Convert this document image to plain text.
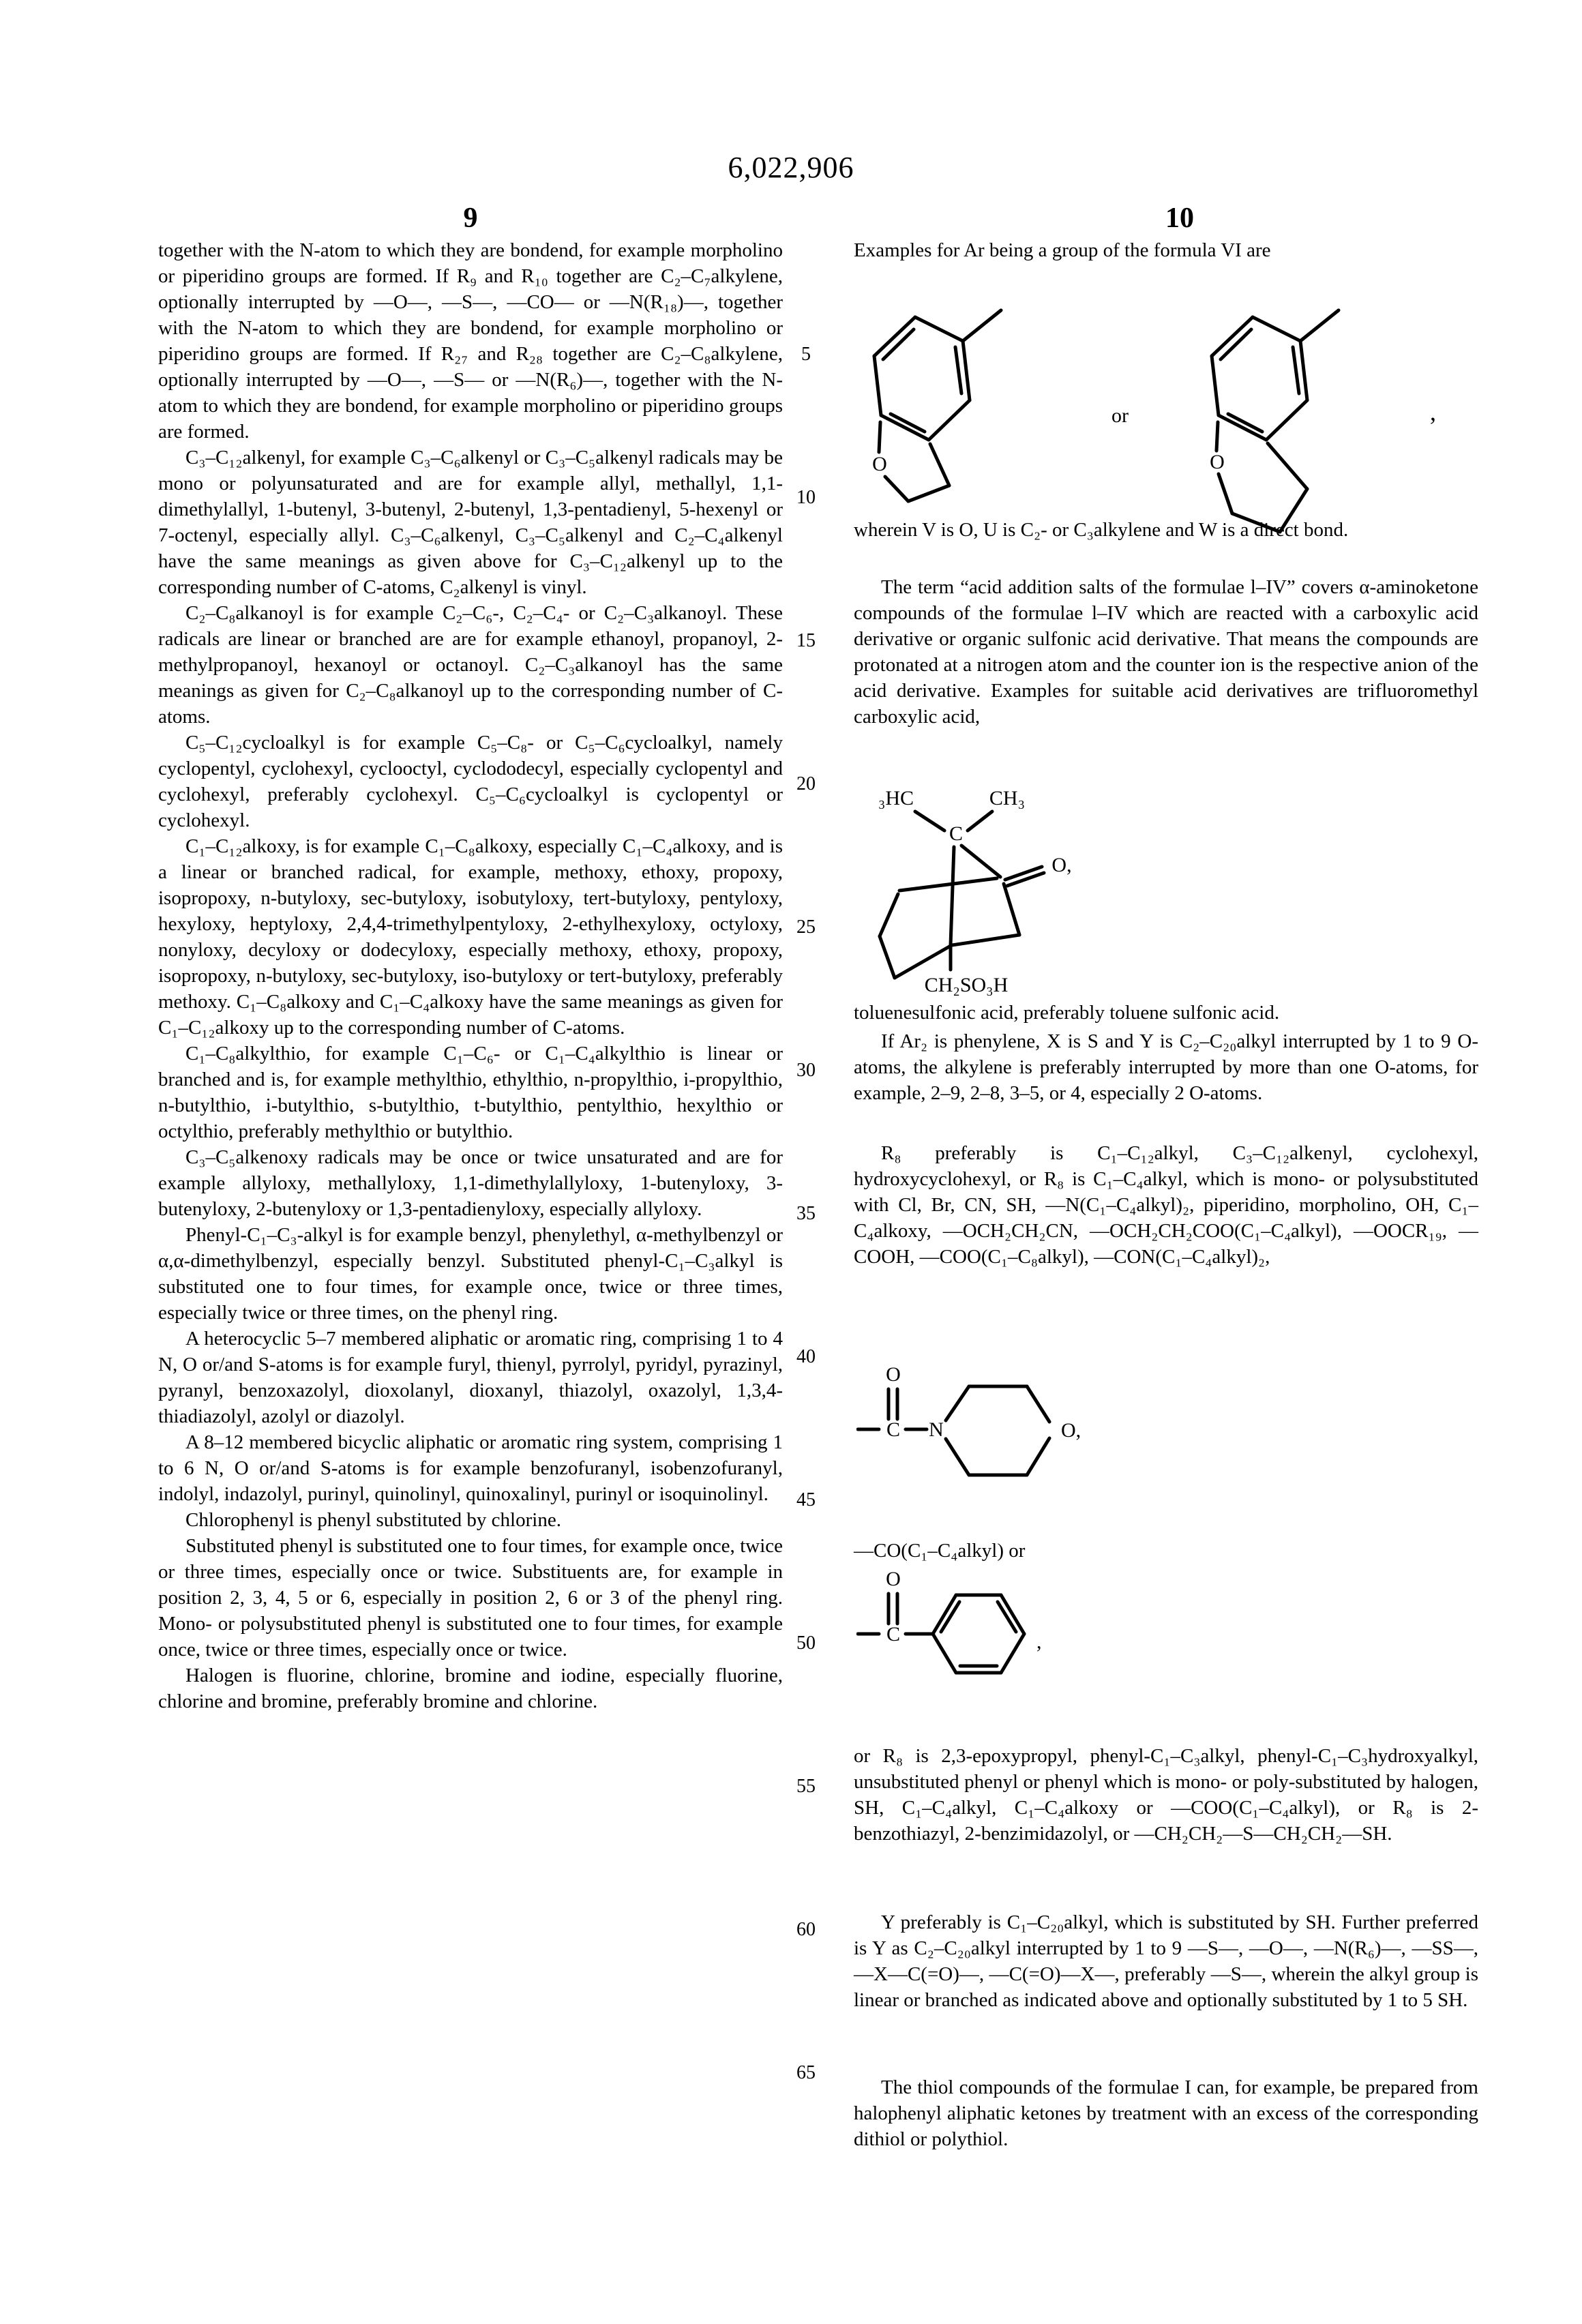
6,022,906
9	10
5
10
15
20
25
30
35
40
45
50
55
60
65

together with the N-atom to which they are bondend, for example morpholino or piperidino groups are formed. If R₉ and R₁₀ together are C₂–C₇alkylene, optionally interrupted by —O—, —S—, —CO— or —N(R₁₈)—, together with the N-atom to which they are bondend, for example morpholino or piperidino groups are formed. If R₂₇ and R₂₈ together are C₂–C₈alkylene, optionally interrupted by —O—, —S— or —N(R₆)—, together with the N-atom to which they are bondend, for example morpholino or piperidino groups are formed.

C₃–C₁₂alkenyl, for example C₃–C₆alkenyl or C₃–C₅alkenyl radicals may be mono or polyunsaturated and are for example allyl, methallyl, 1,1-dimethylallyl, 1-butenyl, 3-butenyl, 2-butenyl, 1,3-pentadienyl, 5-hexenyl or 7-octenyl, especially allyl. C₃–C₆alkenyl, C₃–C₅alkenyl and C₂–C₄alkenyl have the same meanings as given above for C₃–C₁₂alkenyl up to the corresponding number of C-atoms, C₂alkenyl is vinyl.

C₂–C₈alkanoyl is for example C₂–C₆-, C₂–C₄- or C₂–C₃alkanoyl. These radicals are linear or branched are are for example ethanoyl, propanoyl, 2-methylpropanoyl, hexanoyl or octanoyl. C₂–C₃alkanoyl has the same meanings as given for C₂–C₈alkanoyl up to the corresponding number of C-atoms.

C₅–C₁₂cycloalkyl is for example C₅–C₈- or C₅–C₆cycloalkyl, namely cyclopentyl, cyclohexyl, cyclooctyl, cyclododecyl, especially cyclopentyl and cyclohexyl, preferably cyclohexyl. C₅–C₆cycloalkyl is cyclopentyl or cyclohexyl.

C₁–C₁₂alkoxy, is for example C₁–C₈alkoxy, especially C₁–C₄alkoxy, and is a linear or branched radical, for example, methoxy, ethoxy, propoxy, isopropoxy, n-butyloxy, sec-butyloxy, isobutyloxy, tert-butyloxy, pentyloxy, hexyloxy, heptyloxy, 2,4,4-trimethylpentyloxy, 2-ethylhexyloxy, octyloxy, nonyloxy, decyloxy or dodecyloxy, especially methoxy, ethoxy, propoxy, isopropoxy, n-butyloxy, sec-butyloxy, iso-butyloxy or tert-butyloxy, preferably methoxy. C₁–C₈alkoxy and C₁–C₄alkoxy have the same meanings as given for C₁–C₁₂alkoxy up to the corresponding number of C-atoms.

C₁–C₈alkylthio, for example C₁–C₆- or C₁–C₄alkylthio is linear or branched and is, for example methylthio, ethylthio, n-propylthio, i-propylthio, n-butylthio, i-butylthio, s-butylthio, t-butylthio, pentylthio, hexylthio or octylthio, preferably methylthio or butylthio.

C₃–C₅alkenoxy radicals may be once or twice unsaturated and are for example allyloxy, methallyloxy, 1,1-dimethylallyloxy, 1-butenyloxy, 3-butenyloxy, 2-butenyloxy or 1,3-pentadienyloxy, especially allyloxy.

Phenyl-C₁–C₃-alkyl is for example benzyl, phenylethyl, α-methylbenzyl or α,α-dimethylbenzyl, especially benzyl. Substituted phenyl-C₁–C₃alkyl is substituted one to four times, for example once, twice or three times, especially twice or three times, on the phenyl ring.

A heterocyclic 5–7 membered aliphatic or aromatic ring, comprising 1 to 4 N, O or/and S-atoms is for example furyl, thienyl, pyrrolyl, pyridyl, pyrazinyl, pyranyl, benzoxazolyl, dioxolanyl, dioxanyl, thiazolyl, oxazolyl, 1,3,4-thiadiazolyl, azolyl or diazolyl.

A 8–12 membered bicyclic aliphatic or aromatic ring system, comprising 1 to 6 N, O or/and S-atoms is for example benzofuranyl, isobenzofuranyl, indolyl, indazolyl, purinyl, quinolinyl, quinoxalinyl, purinyl or isoquinolinyl.

Chlorophenyl is phenyl substituted by chlorine.

Substituted phenyl is substituted one to four times, for example once, twice or three times, especially once or twice. Substituents are, for example in position 2, 3, 4, 5 or 6, especially in position 2, 6 or 3 of the phenyl ring. Mono- or polysubstituted phenyl is substituted one to four times, for example once, twice or three times, especially once or twice.

Halogen is fluorine, chlorine, bromine and iodine, especially fluorine, chlorine and bromine, preferably bromine and chlorine.

Examples for Ar being a group of the formula VI are

O
or
O
,

wherein V is O, U is C₂- or C₃alkylene and W is a direct bond.

The term “acid addition salts of the formulae l–IV” covers α-aminoketone compounds of the formulae l–IV which are reacted with a carboxylic acid derivative or organic sulfonic acid derivative. That means the compounds are protonated at a nitrogen atom and the counter ion is the respective anion of the acid derivative. Examples for suitable acid derivatives are trifluoromethyl carboxylic acid,

₃HC	CH₃
C
O,
CH₂SO₃H

toluenesulfonic acid, preferably toluene sulfonic acid.

If Ar₂ is phenylene, X is S and Y is C₂–C₂₀alkyl interrupted by 1 to 9 O-atoms, the alkylene is preferably interrupted by more than one O-atoms, for example, 2–9, 2–8, 3–5, or 4, especially 2 O-atoms.

R₈ preferably is C₁–C₁₂alkyl, C₃–C₁₂alkenyl, cyclohexyl, hydroxycyclohexyl, or R₈ is C₁–C₄alkyl, which is mono- or polysubstituted with Cl, Br, CN, SH, —N(C₁–C₄alkyl)₂, piperidino, morpholino, OH, C₁–C₄alkoxy, —OCH₂CH₂CN, —OCH₂CH₂COO(C₁–C₄alkyl), —OOCR₁₉, —COOH, —COO(C₁–C₈alkyl), —CON(C₁–C₄alkyl)₂,

O
C N	O,

—CO(C₁–C₄alkyl) or

O
C	,

or R₈ is 2,3-epoxypropyl, phenyl-C₁–C₃alkyl, phenyl-C₁–C₃hydroxyalkyl, unsubstituted phenyl or phenyl which is mono- or poly-substituted by halogen, SH, C₁–C₄alkyl, C₁–C₄alkoxy or —COO(C₁–C₄alkyl), or R₈ is 2-benzothiazyl, 2-benzimidazolyl, or —CH₂CH₂—S—CH₂CH₂—SH.

Y preferably is C₁–C₂₀alkyl, which is substituted by SH. Further preferred is Y as C₂–C₂₀alkyl interrupted by 1 to 9 —S—, —O—, —N(R₆)—, —SS—, —X—C(=O)—, —C(=O)—X—, preferably —S—, wherein the alkyl group is linear or branched as indicated above and optionally substituted by 1 to 5 SH.

The thiol compounds of the formulae I can, for example, be prepared from halophenyl aliphatic ketones by treatment with an excess of the corresponding dithiol or polythiol.
